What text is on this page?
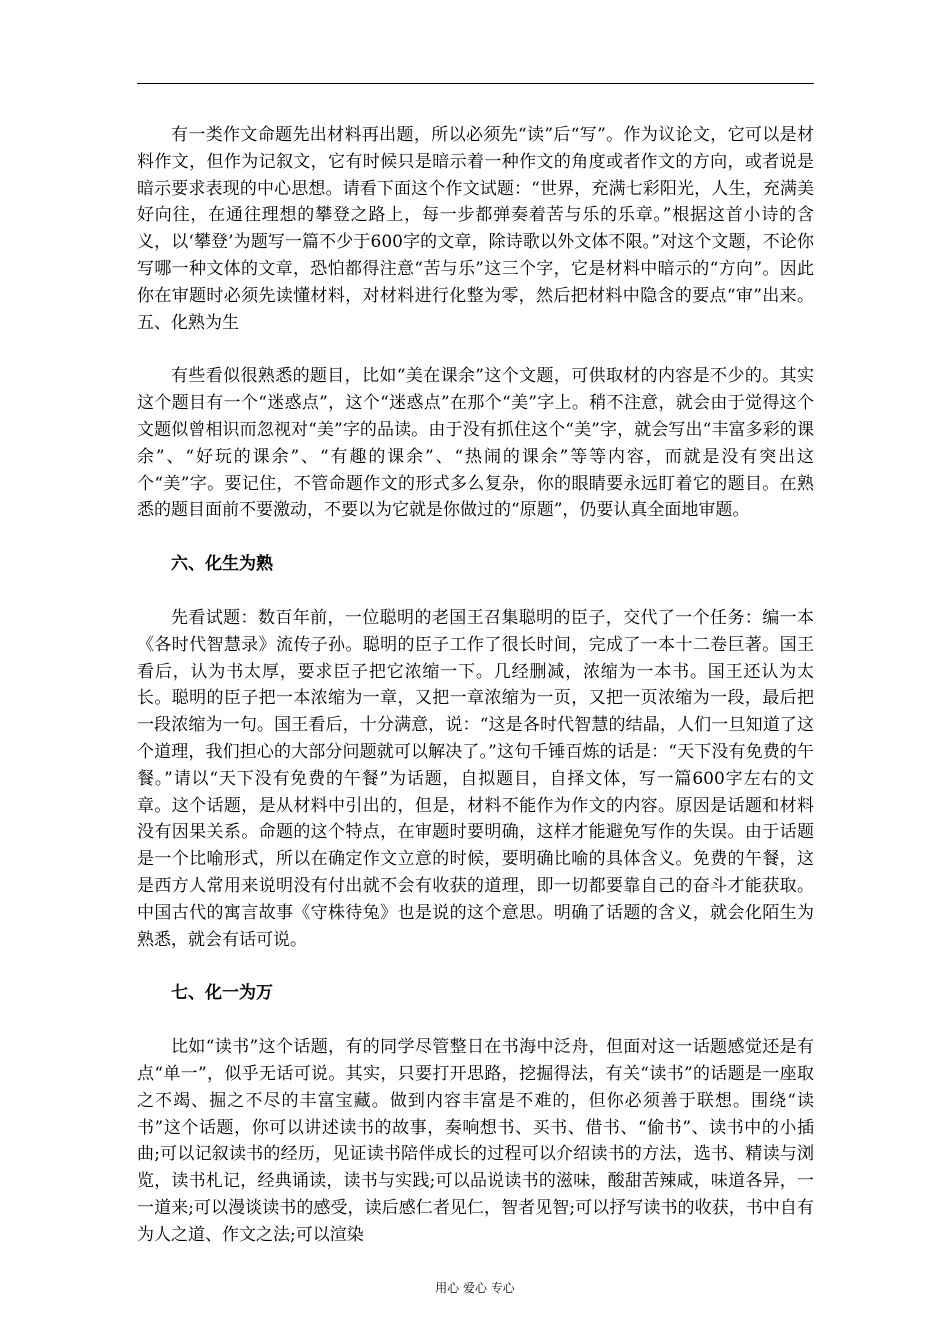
有一类作文命题先出材料再出题，所以必须先“读”后“写”。作为议论文，它可以是材料作文，但作为记叙文，它有时候只是暗示着一种作文的角度或者作文的方向，或者说是暗示要求表现的中心思想。请看下面这个作文试题：“世界，充满七彩阳光，人生，充满美好向往，在通往理想的攀登之路上，每一步都弹奏着苦与乐的乐章。”根据这首小诗的含义，以‘攀登’为题写一篇不少于600字的文章，除诗歌以外文体不限。”对这个文题，不论你写哪一种文体的文章，恐怕都得注意“苦与乐”这三个字，它是材料中暗示的“方向”。因此你在审题时必须先读懂材料，对材料进行化整为零，然后把材料中隐含的要点“审”出来。五、化熟为生

有些看似很熟悉的题目，比如“美在课余”这个文题，可供取材的内容是不少的。其实这个题目有一个“迷惑点”，这个“迷惑点”在那个“美”字上。稍不注意，就会由于觉得这个文题似曾相识而忽视对“美”字的品读。由于没有抓住这个“美”字，就会写出“丰富多彩的课余”、“好玩的课余”、“有趣的课余”、“热闹的课余”等等内容，而就是没有突出这个“美”字。要记住，不管命题作文的形式多么复杂，你的眼睛要永远盯着它的题目。在熟悉的题目面前不要激动，不要以为它就是你做过的“原题”，仍要认真全面地审题。

六、化生为熟

先看试题：数百年前，一位聪明的老国王召集聪明的臣子，交代了一个任务：编一本《各时代智慧录》流传子孙。聪明的臣子工作了很长时间，完成了一本十二卷巨著。国王看后，认为书太厚，要求臣子把它浓缩一下。几经删减，浓缩为一本书。国王还认为太长。聪明的臣子把一本浓缩为一章，又把一章浓缩为一页，又把一页浓缩为一段，最后把一段浓缩为一句。国王看后，十分满意，说：“这是各时代智慧的结晶，人们一旦知道了这个道理，我们担心的大部分问题就可以解决了。”这句千锤百炼的话是：“天下没有免费的午餐。”请以“天下没有免费的午餐”为话题，自拟题目，自择文体，写一篇600字左右的文章。这个话题，是从材料中引出的，但是，材料不能作为作文的内容。原因是话题和材料没有因果关系。命题的这个特点，在审题时要明确，这样才能避免写作的失误。由于话题是一个比喻形式，所以在确定作文立意的时候，要明确比喻的具体含义。免费的午餐，这是西方人常用来说明没有付出就不会有收获的道理，即一切都要靠自己的奋斗才能获取。中国古代的寓言故事《守株待兔》也是说的这个意思。明确了话题的含义，就会化陌生为熟悉，就会有话可说。

七、化一为万

比如“读书”这个话题，有的同学尽管整日在书海中泛舟，但面对这一话题感觉还是有点“单一”，似乎无话可说。其实，只要打开思路，挖掘得法，有关“读书”的话题是一座取之不竭、掘之不尽的丰富宝藏。做到内容丰富是不难的，但你必须善于联想。围绕“读书”这个话题，你可以讲述读书的故事，奏响想书、买书、借书、“偷书”、读书中的小插曲;可以记叙读书的经历，见证读书陪伴成长的过程可以介绍读书的方法，选书、精读与浏览，读书札记，经典诵读，读书与实践;可以品说读书的滋味，酸甜苦辣咸，味道各异，一一道来;可以漫谈读书的感受，读后感仁者见仁，智者见智;可以抒写读书的收获，书中自有为人之道、作文之法;可以渲染

用心 爱心 专心
